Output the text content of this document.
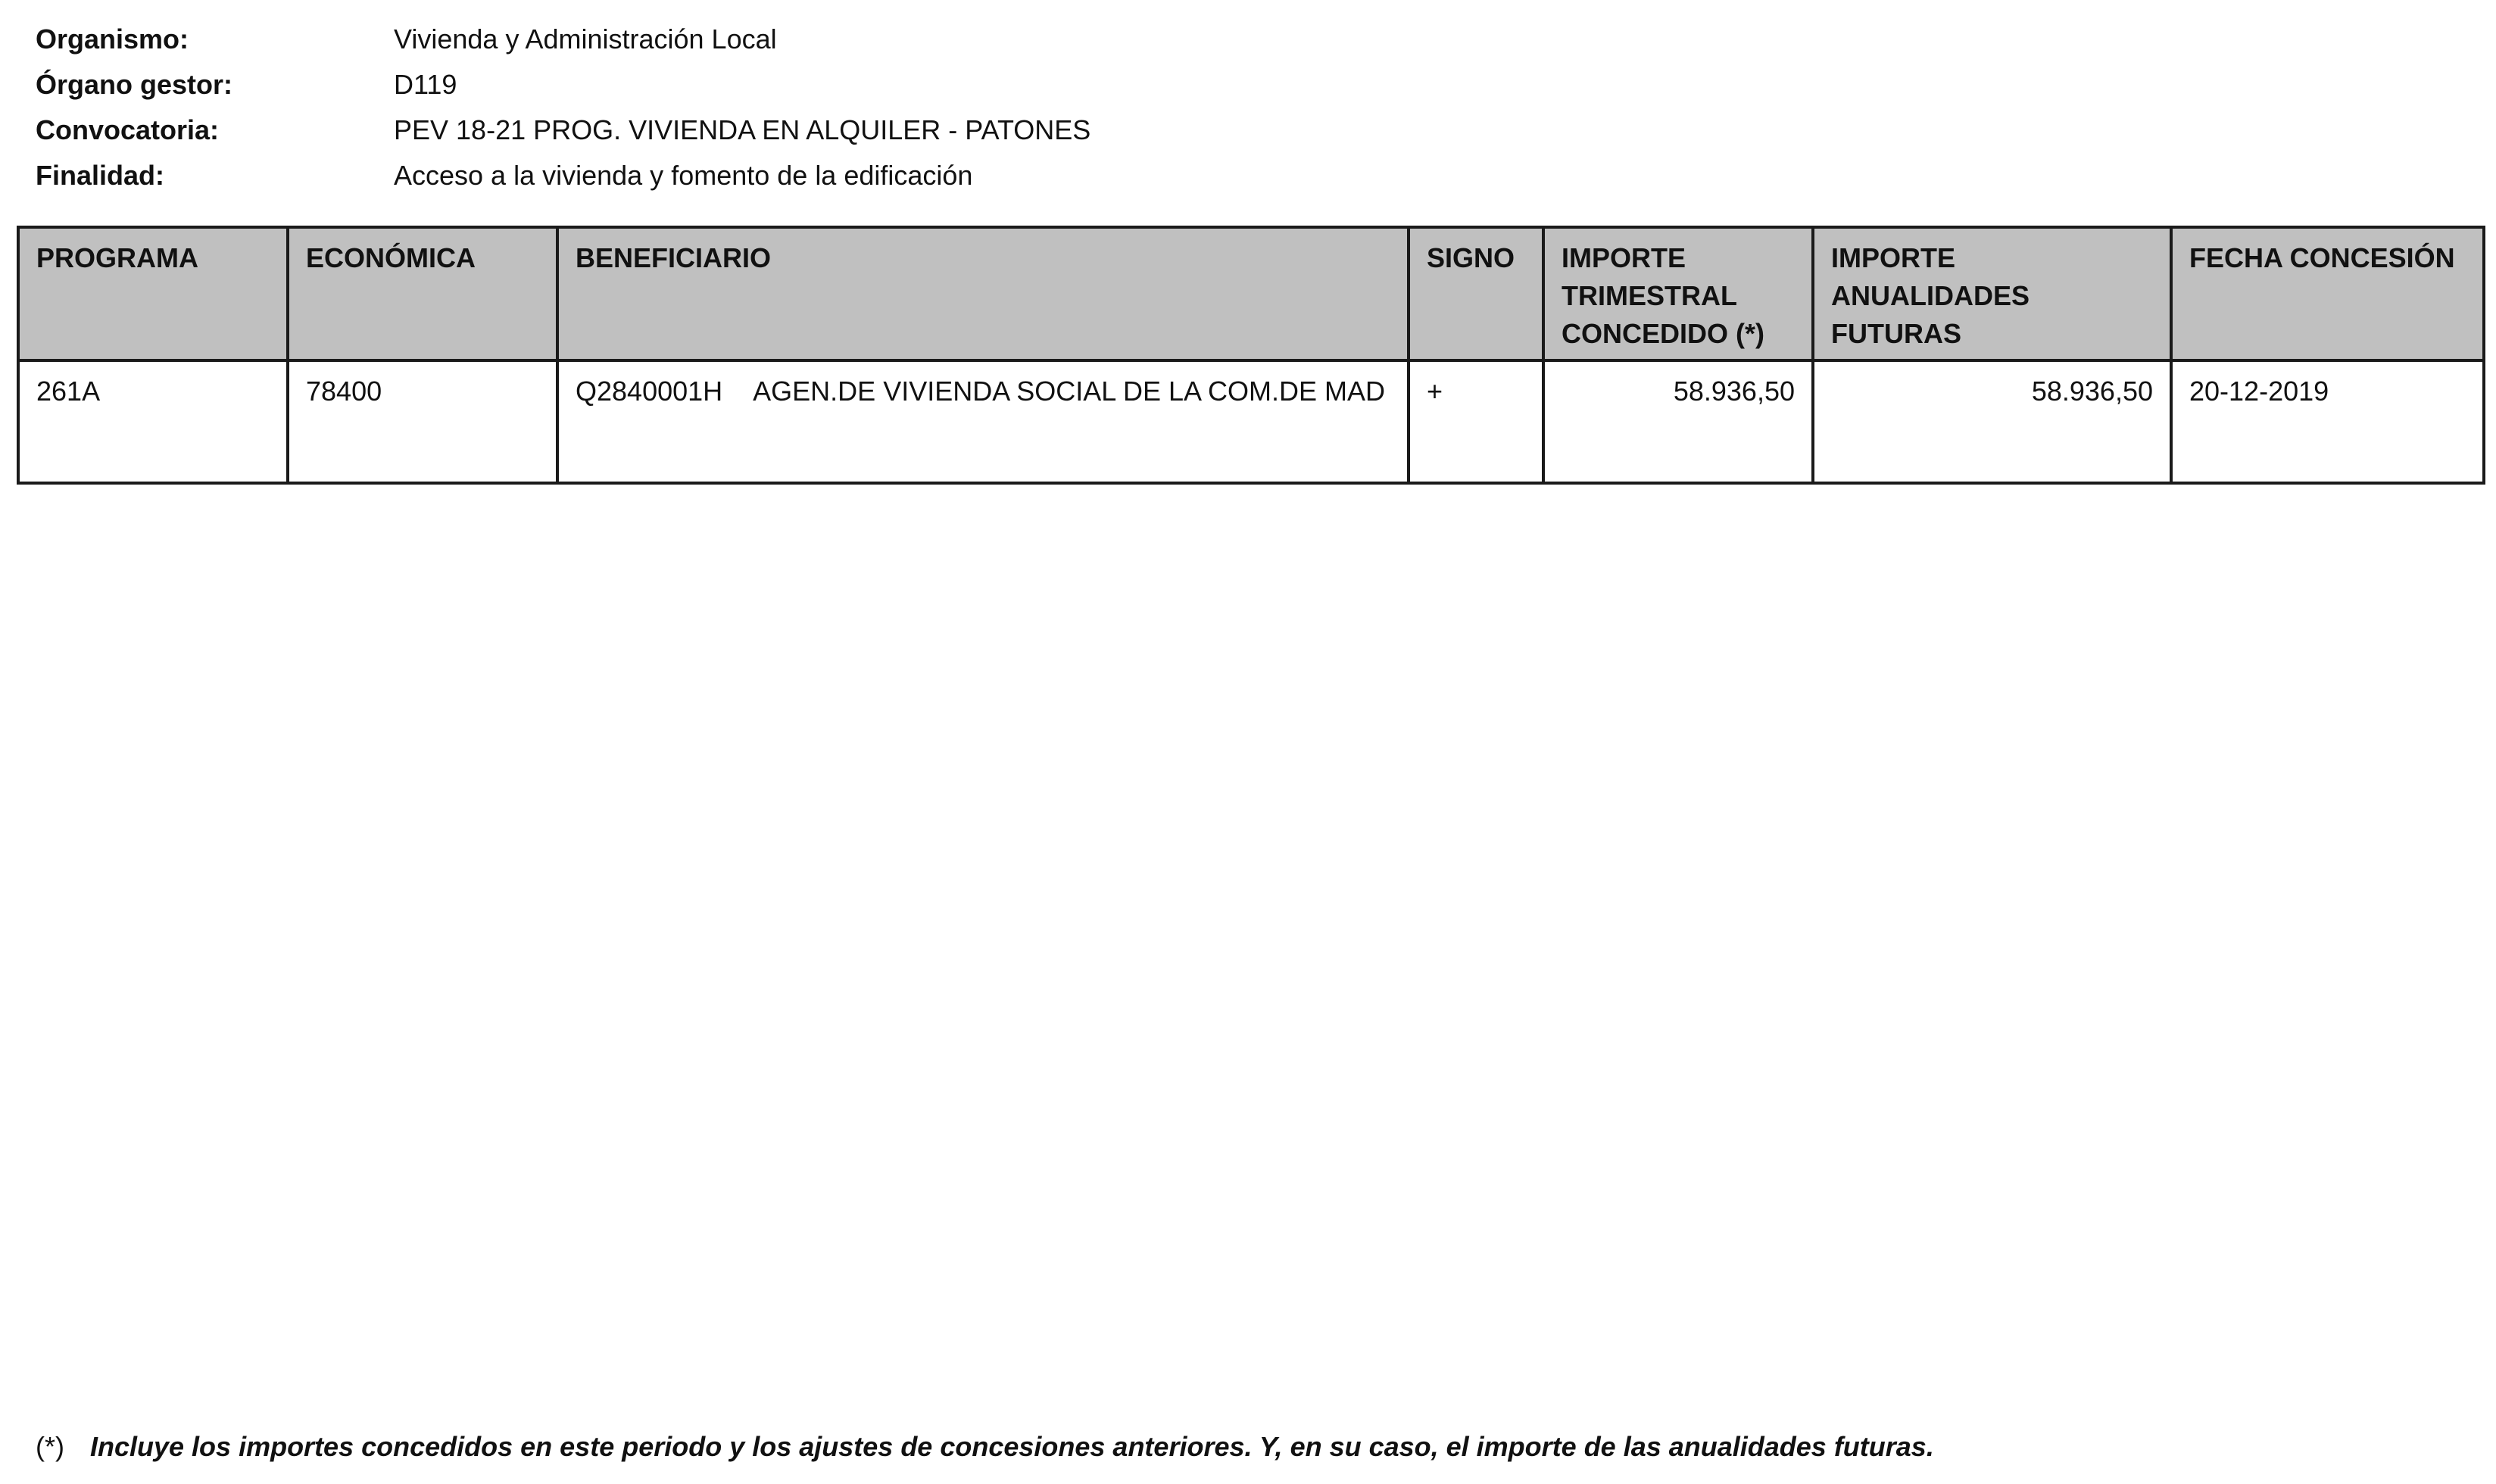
Organismo:	Vivienda y Administración Local
Órgano gestor:	D119
Convocatoria:	PEV 18-21 PROG. VIVIENDA EN ALQUILER - PATONES
Finalidad:	Acceso a la vivienda y fomento de la edificación
PROGRAMA	ECONÓMICA	BENEFICIARIO	SIGNO	IMPORTE TRIMESTRAL CONCEDIDO (*)	IMPORTE ANUALIDADES FUTURAS	FECHA CONCESIÓN
261A	78400	Q2840001H AGEN.DE VIVIENDA SOCIAL DE LA COM.DE MAD	+	58.936,50	58.936,50	20-12-2019
(*) Incluye los importes concedidos en este periodo y los ajustes de concesiones anteriores. Y, en su caso, el importe de las anualidades futuras.
